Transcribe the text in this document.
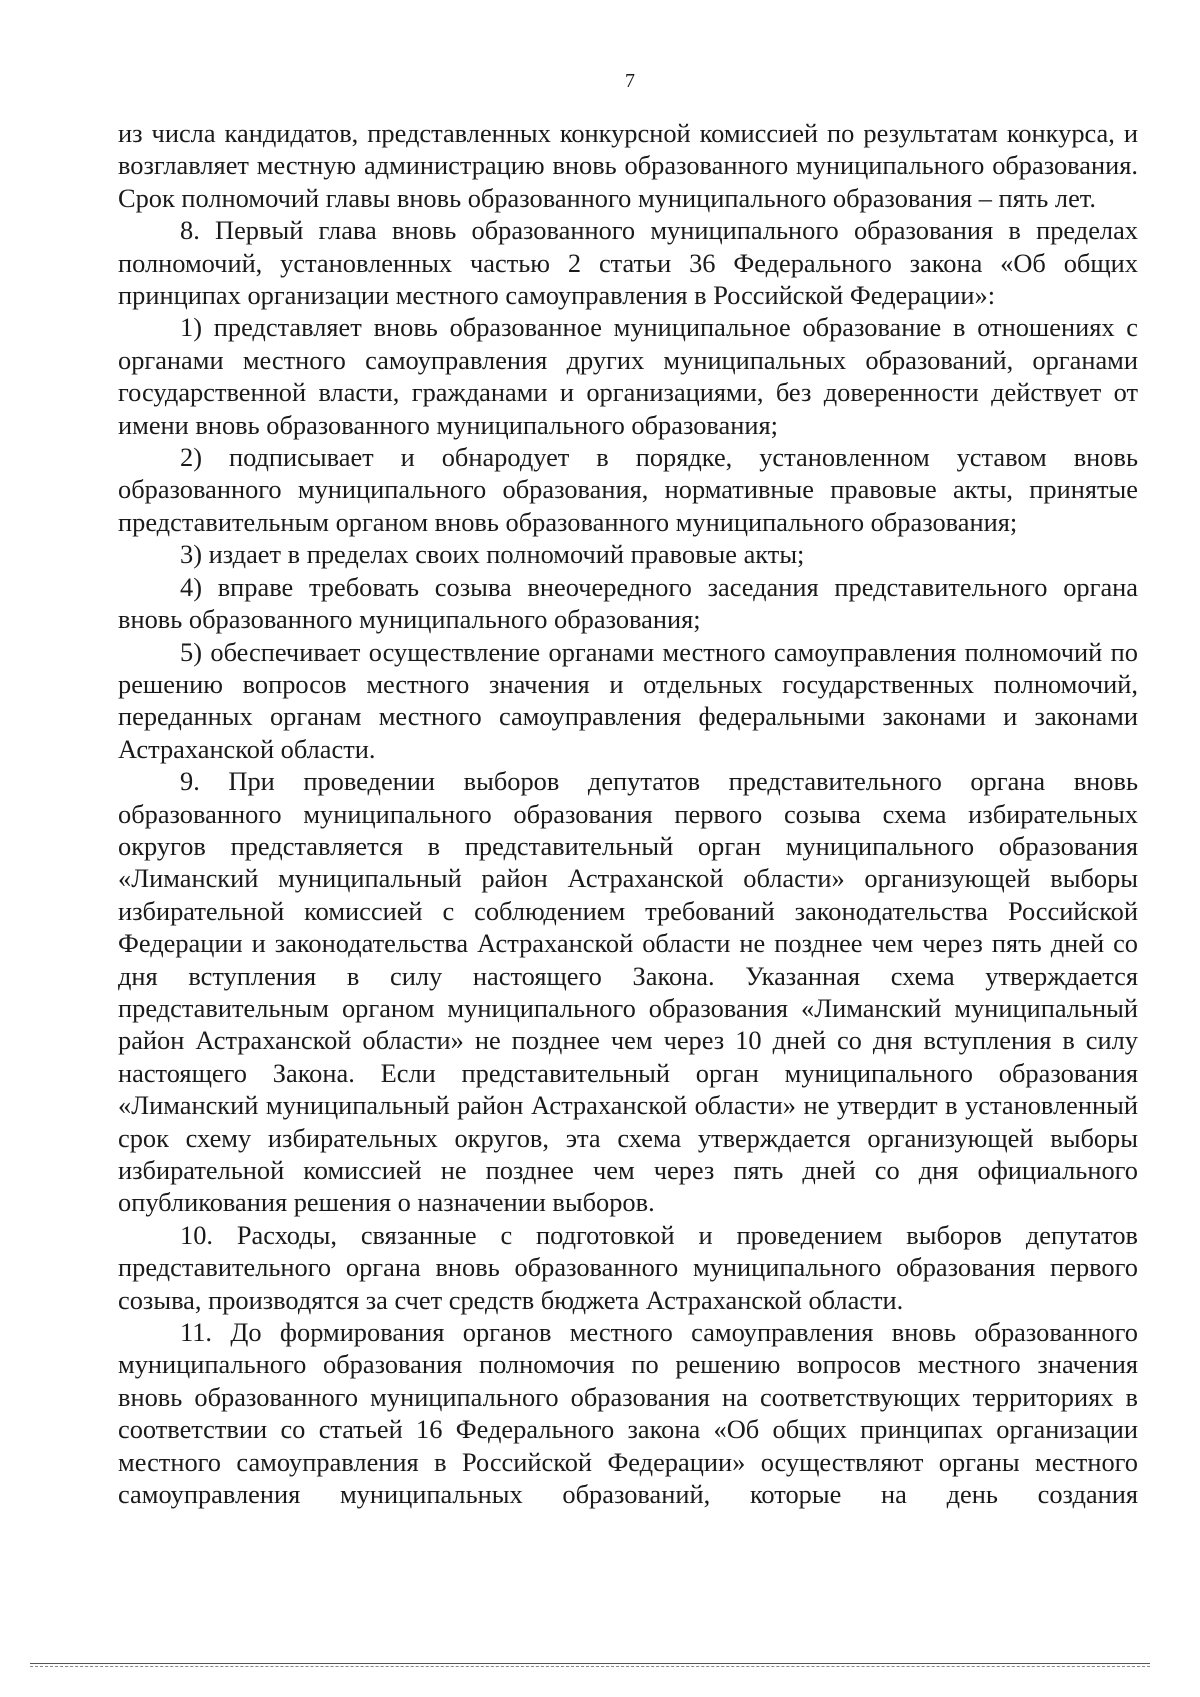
7

из числа кандидатов, представленных конкурсной комиссией по результатам конкурса, и возглавляет местную администрацию вновь образованного муниципального образования. Срок полномочий главы вновь образованного муниципального образования – пять лет.

8. Первый глава вновь образованного муниципального образования в пределах полномочий, установленных частью 2 статьи 36 Федерального закона «Об общих принципах организации местного самоуправления в Российской Федерации»:

1) представляет вновь образованное муниципальное образование в отношениях с органами местного самоуправления других муниципальных образований, органами государственной власти, гражданами и организациями, без доверенности действует от имени вновь образованного муниципального образования;

2) подписывает и обнародует в порядке, установленном уставом вновь образованного муниципального образования, нормативные правовые акты, принятые представительным органом вновь образованного муниципального образования;

3) издает в пределах своих полномочий правовые акты;

4) вправе требовать созыва внеочередного заседания представительного органа вновь образованного муниципального образования;

5) обеспечивает осуществление органами местного самоуправления полномочий по решению вопросов местного значения и отдельных государственных полномочий, переданных органам местного самоуправления федеральными законами и законами Астраханской области.

9. При проведении выборов депутатов представительного органа вновь образованного муниципального образования первого созыва схема избирательных округов представляется в представительный орган муниципального образования «Лиманский муниципальный район Астраханской области» организующей выборы избирательной комиссией с соблюдением требований законодательства Российской Федерации и законодательства Астраханской области не позднее чем через пять дней со дня вступления в силу настоящего Закона. Указанная схема утверждается представительным органом муниципального образования «Лиманский муниципальный район Астраханской области» не позднее чем через 10 дней со дня вступления в силу настоящего Закона. Если представительный орган муниципального образования «Лиманский муниципальный район Астраханской области» не утвердит в установленный срок схему избирательных округов, эта схема утверждается организующей выборы избирательной комиссией не позднее чем через пять дней со дня официального опубликования решения о назначении выборов.

10. Расходы, связанные с подготовкой и проведением выборов депутатов представительного органа вновь образованного муниципального образования первого созыва, производятся за счет средств бюджета Астраханской области.

11. До формирования органов местного самоуправления вновь образованного муниципального образования полномочия по решению вопросов местного значения вновь образованного муниципального образования на соответствующих территориях в соответствии со статьей 16 Федерального закона «Об общих принципах организации местного самоуправления в Российской Федерации» осуществляют органы местного самоуправления муниципальных образований, которые на день создания
